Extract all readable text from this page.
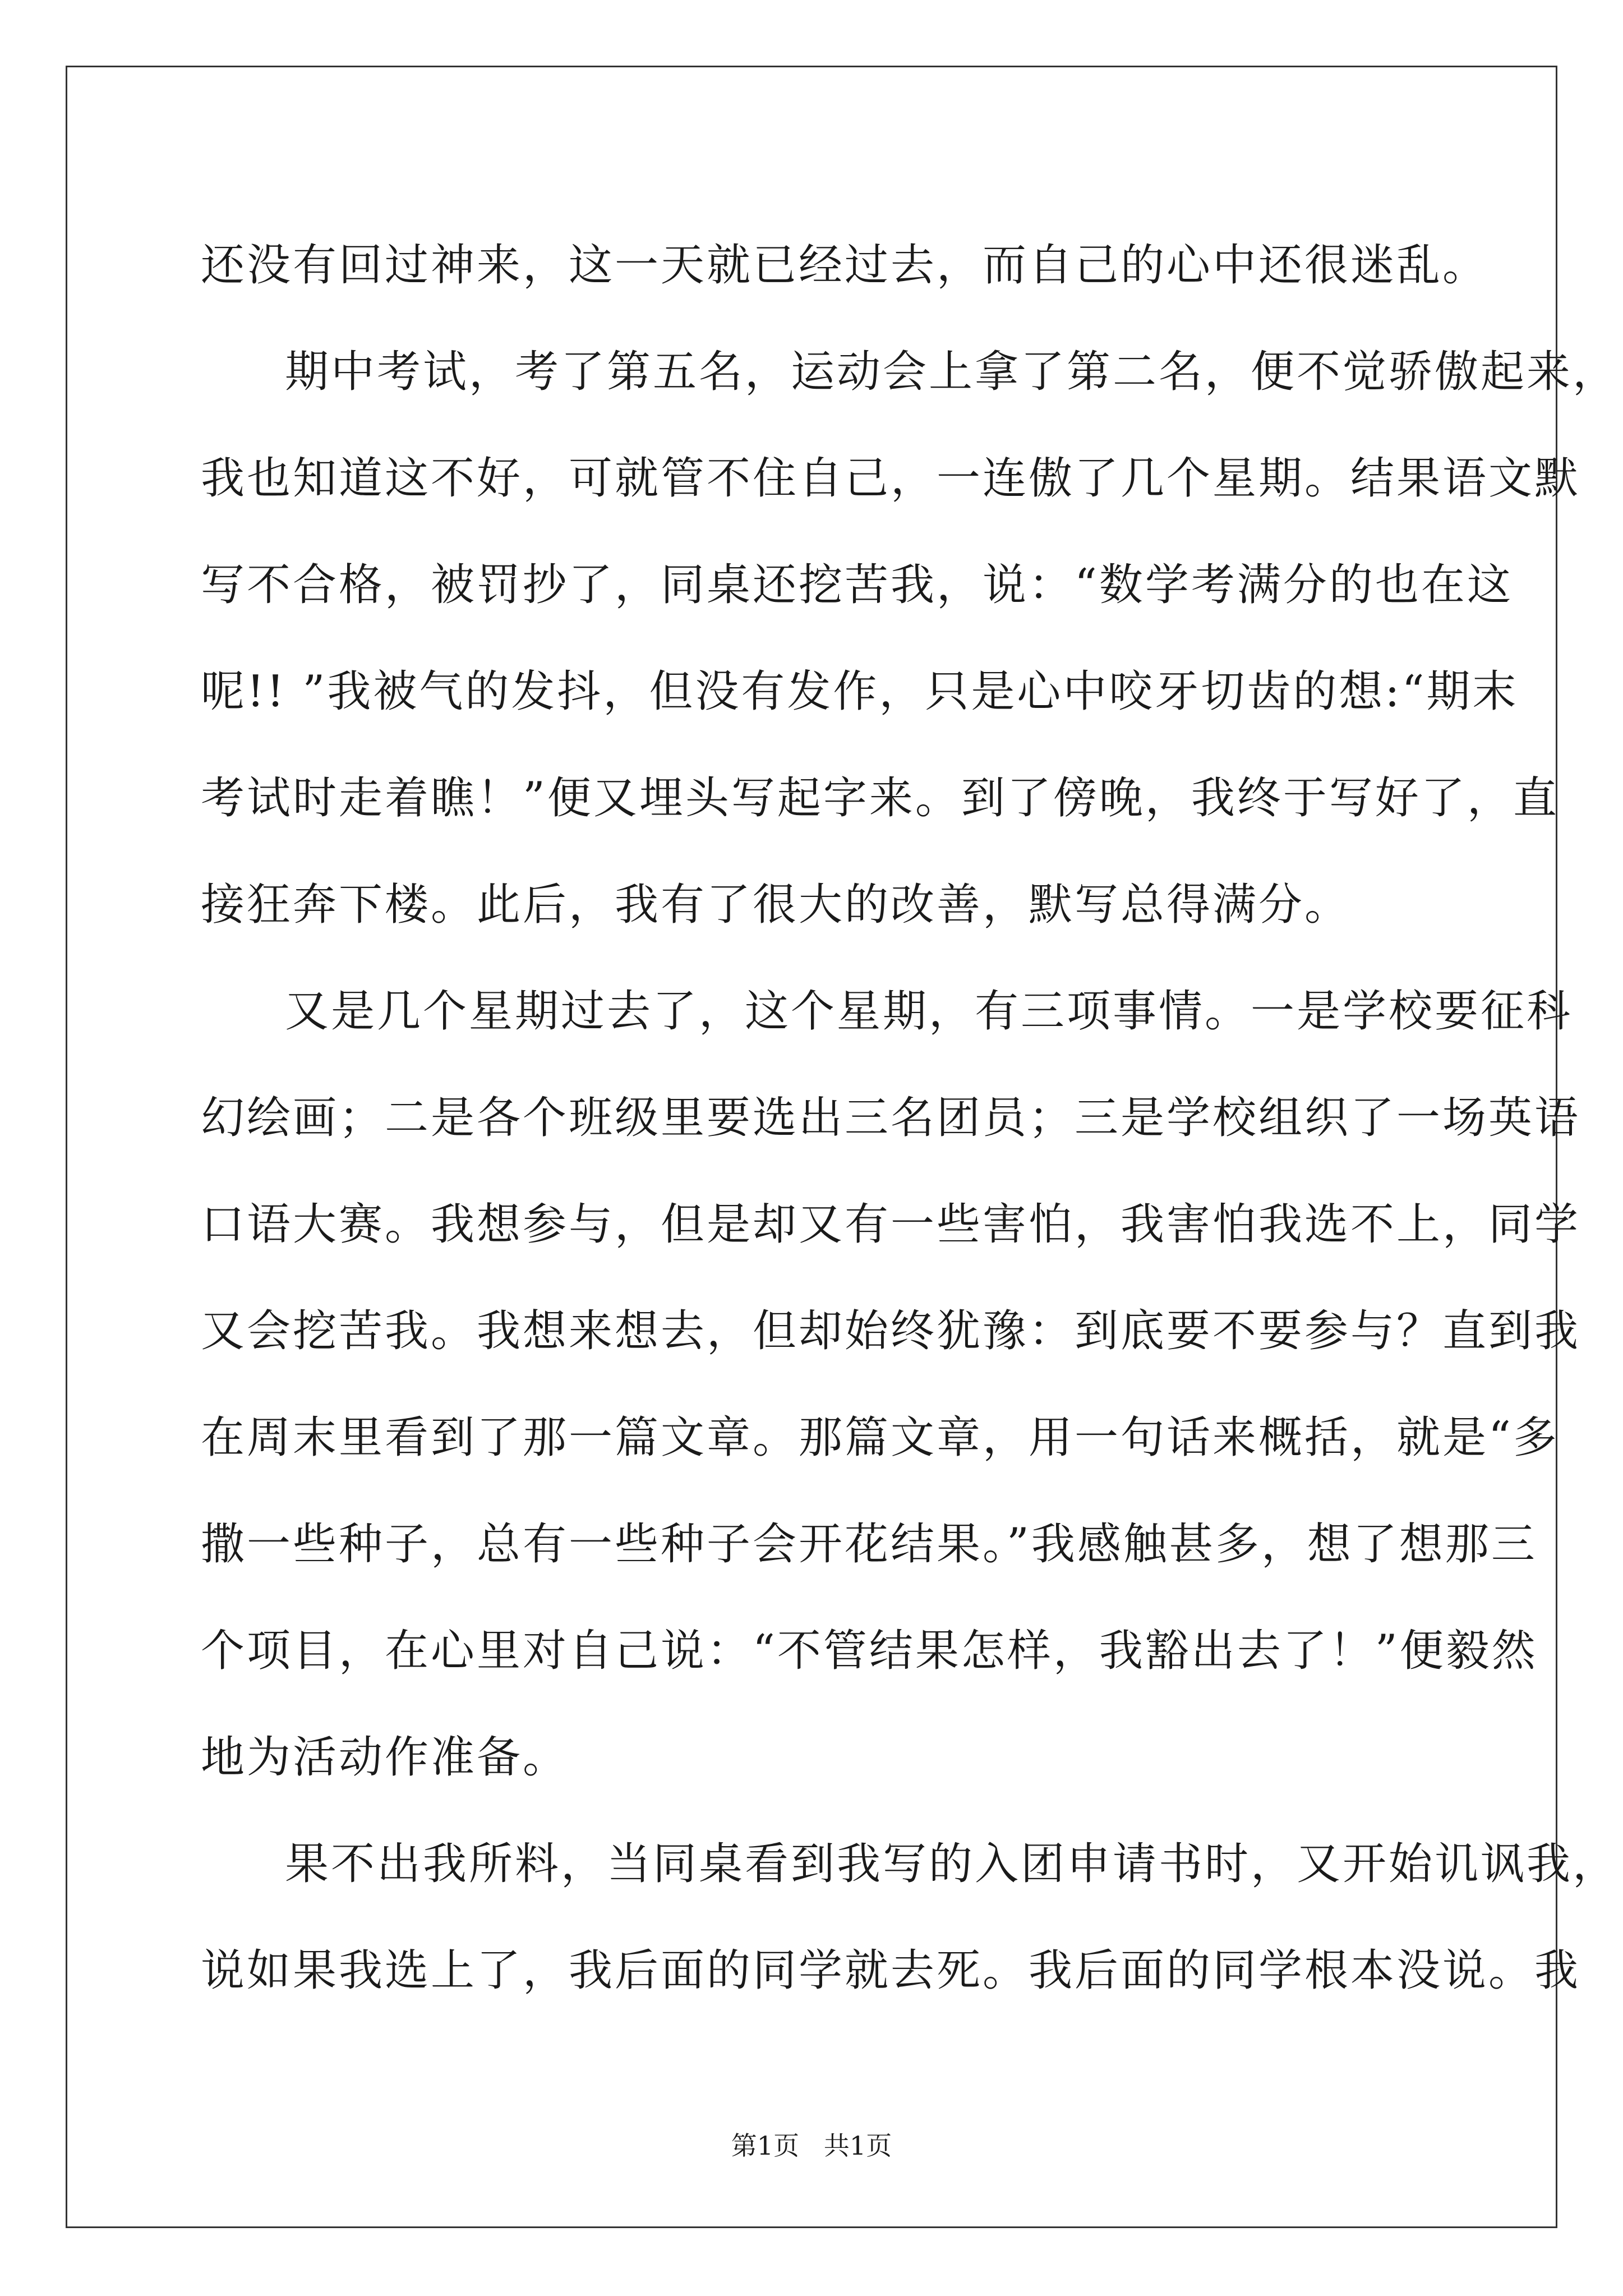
还没有回过神来，这一天就已经过去，而自己的心中还很迷乱。
期中考试，考了第五名，运动会上拿了第二名，便不觉骄傲起来，
我也知道这不好，可就管不住自己，一连傲了几个星期。结果语文默
写不合格，被罚抄了，同桌还挖苦我，说：“数学考满分的也在这
呢!! ”我被气的发抖，但没有发作，只是心中咬牙切齿的想:“期末
考试时走着瞧！”便又埋头写起字来。到了傍晚，我终于写好了，直
接狂奔下楼。此后，我有了很大的改善，默写总得满分。
又是几个星期过去了，这个星期，有三项事情。一是学校要征科
幻绘画；二是各个班级里要选出三名团员；三是学校组织了一场英语
口语大赛。我想参与，但是却又有一些害怕，我害怕我选不上，同学
又会挖苦我。我想来想去，但却始终犹豫：到底要不要参与？直到我
在周末里看到了那一篇文章。那篇文章，用一句话来概括，就是“多
撒一些种子，总有一些种子会开花结果。”我感触甚多，想了想那三
个项目，在心里对自己说：“不管结果怎样，我豁出去了！”便毅然
地为活动作准备。
果不出我所料，当同桌看到我写的入团申请书时，又开始讥讽我，
说如果我选上了，我后面的同学就去死。我后面的同学根本没说。我
第1页   共1页
